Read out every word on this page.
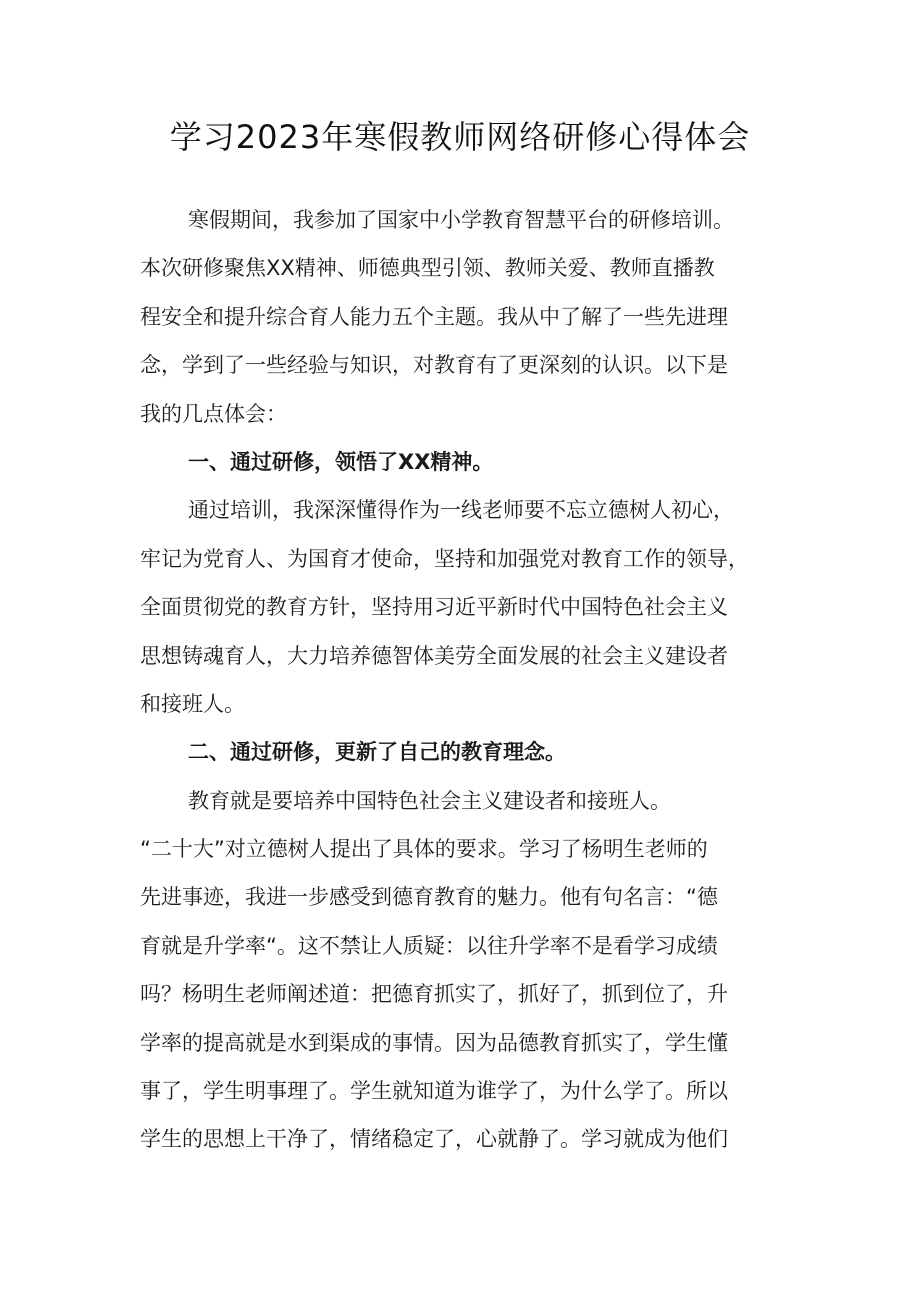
学习2023年寒假教师网络研修心得体会
寒假期间，我参加了国家中小学教育智慧平台的研修培训。
本次研修聚焦XX精神、师德典型引领、教师关爱、教师直播教
程安全和提升综合育人能力五个主题。我从中了解了一些先进理
念，学到了一些经验与知识，对教育有了更深刻的认识。以下是
我的几点体会：
一、通过研修，领悟了XX精神。
通过培训，我深深懂得作为一线老师要不忘立德树人初心，
牢记为党育人、为国育才使命，坚持和加强党对教育工作的领导，
全面贯彻党的教育方针，坚持用习近平新时代中国特色社会主义
思想铸魂育人，大力培养德智体美劳全面发展的社会主义建设者
和接班人。
二、通过研修，更新了自己的教育理念。
教育就是要培养中国特色社会主义建设者和接班人。
“二十大”对立德树人提出了具体的要求。学习了杨明生老师的
先进事迹，我进一步感受到德育教育的魅力。他有句名言：“德
育就是升学率“。这不禁让人质疑：以往升学率不是看学习成绩
吗？杨明生老师阐述道：把德育抓实了，抓好了，抓到位了，升
学率的提高就是水到渠成的事情。因为品德教育抓实了，学生懂
事了，学生明事理了。学生就知道为谁学了，为什么学了。所以
学生的思想上干净了，情绪稳定了，心就静了。学习就成为他们
